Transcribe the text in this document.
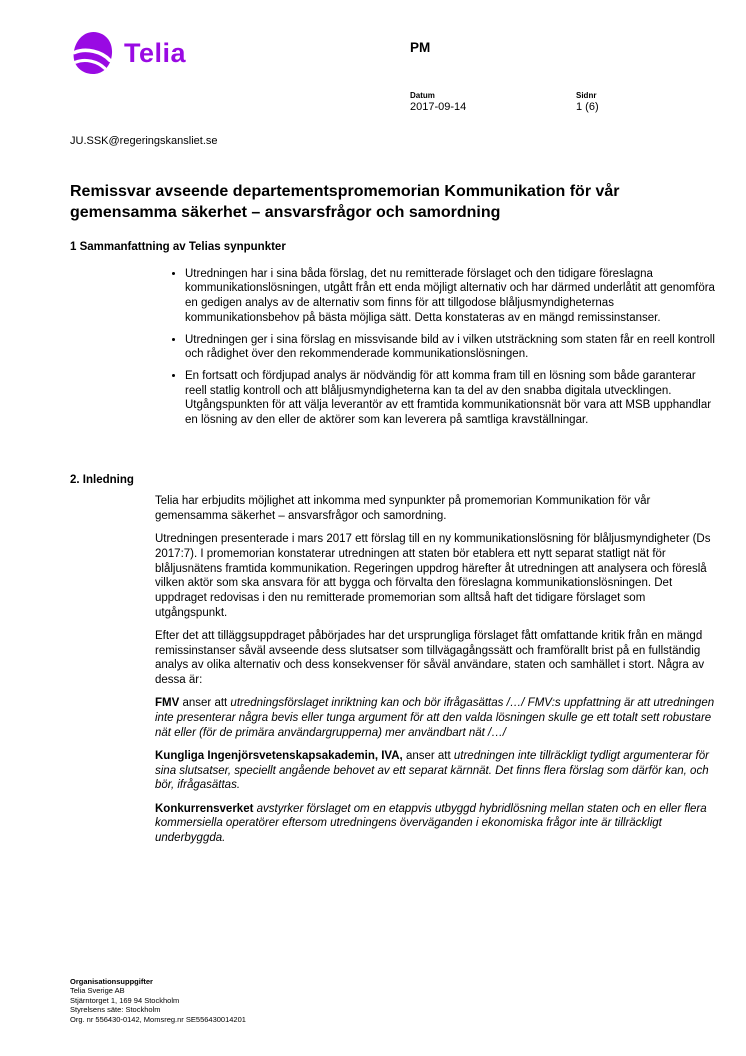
Telia	PM
Datum
2017-09-14
Sidnr
1 (6)
JU.SSK@regeringskansliet.se
Remissvar avseende departementspromemorian Kommunikation för vår gemensamma säkerhet – ansvarsfrågor och samordning
1 Sammanfattning av Telias synpunkter
• Utredningen har i sina båda förslag, det nu remitterade förslaget och den tidigare föreslagna kommunikationslösningen, utgått från ett enda möjligt alternativ och har därmed underlåtit att genomföra en gedigen analys av de alternativ som finns för att tillgodose blåljusmyndigheternas kommunikationsbehov på bästa möjliga sätt. Detta konstateras av en mängd remissinstanser.
• Utredningen ger i sina förslag en missvisande bild av i vilken utsträckning som staten får en reell kontroll och rådighet över den rekommenderade kommunikationslösningen.
• En fortsatt och fördjupad analys är nödvändig för att komma fram till en lösning som både garanterar reell statlig kontroll och att blåljusmyndigheterna kan ta del av den snabba digitala utvecklingen. Utgångspunkten för att välja leverantör av ett framtida kommunikationsnät bör vara att MSB upphandlar en lösning av den eller de aktörer som kan leverera på samtliga kravställningar.
2. Inledning

Telia har erbjudits möjlighet att inkomma med synpunkter på promemorian Kommunikation för vår gemensamma säkerhet – ansvarsfrågor och samordning.

Utredningen presenterade i mars 2017 ett förslag till en ny kommunikationslösning för blåljusmyndigheter (Ds 2017:7). I promemorian konstaterar utredningen att staten bör etablera ett nytt separat statligt nät för blåljusnätens framtida kommunikation. Regeringen uppdrog härefter åt utredningen att analysera och föreslå vilken aktör som ska ansvara för att bygga och förvalta den föreslagna kommunikationslösningen. Det uppdraget redovisas i den nu remitterade promemorian som alltså haft det tidigare förslaget som utgångspunkt.

Efter det att tilläggsuppdraget påbörjades har det ursprungliga förslaget fått omfattande kritik från en mängd remissinstanser såväl avseende dess slutsatser som tillvägagångssätt och framförallt brist på en fullständig analys av olika alternativ och dess konsekvenser för såväl användare, staten och samhället i stort. Några av dessa är:

FMV anser att utredningsförslaget inriktning kan och bör ifrågasättas /…/ FMV:s uppfattning är att utredningen inte presenterar några bevis eller tunga argument för att den valda lösningen skulle ge ett totalt sett robustare nät eller (för de primära användargrupperna) mer användbart nät /…/

Kungliga Ingenjörsvetenskapsakademin, IVA, anser att utredningen inte tillräckligt tydligt argumenterar för sina slutsatser, speciellt angående behovet av ett separat kärnnät. Det finns flera förslag som därför kan, och bör, ifrågasättas.

Konkurrensverket avstyrker förslaget om en etappvis utbyggd hybridlösning mellan staten och en eller flera kommersiella operatörer eftersom utredningens överväganden i ekonomiska frågor inte är tillräckligt underbyggda.

Organisationsuppgifter
Telia Sverige AB
Stjärntorget 1, 169 94 Stockholm
Styrelsens säte: Stockholm
Org. nr 556430-0142, Momsreg.nr SE556430014201
